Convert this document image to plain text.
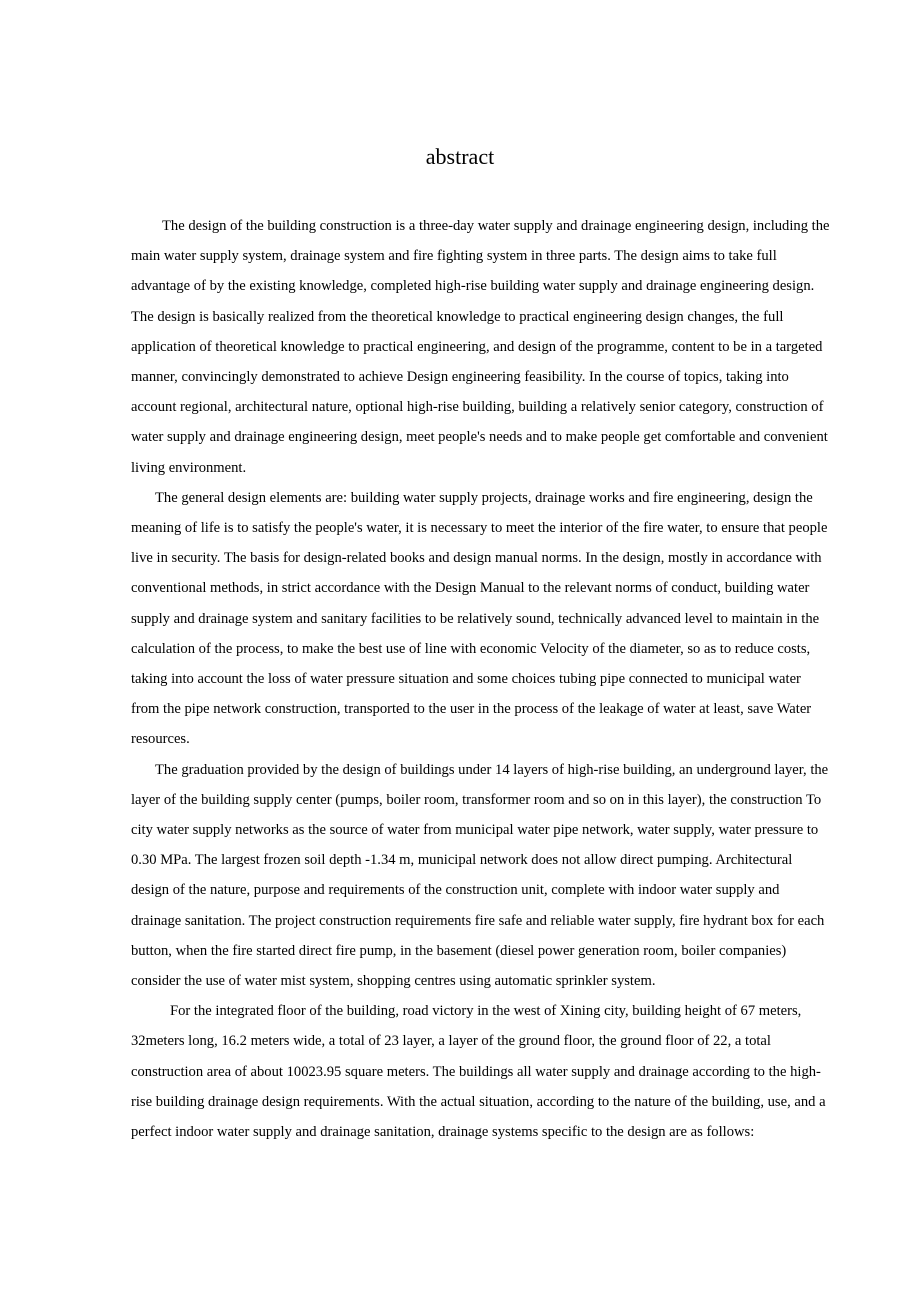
abstract

The design of the building construction is a three-day water supply and drainage engineering design, including the main water supply system, drainage system and fire fighting system in three parts. The design aims to take full advantage of by the existing knowledge, completed high-rise building water supply and drainage engineering design. The design is basically realized from the theoretical knowledge to practical engineering design changes, the full application of theoretical knowledge to practical engineering, and design of the programme, content to be in a targeted manner, convincingly demonstrated to achieve Design engineering feasibility. In the course of topics, taking into account regional, architectural nature, optional high-rise building, building a relatively senior category, construction of water supply and drainage engineering design, meet people's needs and to make people get comfortable and convenient living environment.

The general design elements are: building water supply projects, drainage works and fire engineering, design the meaning of life is to satisfy the people's water, it is necessary to meet the interior of the fire water, to ensure that people live in security. The basis for design-related books and design manual norms. In the design, mostly in accordance with conventional methods, in strict accordance with the Design Manual to the relevant norms of conduct, building water supply and drainage system and sanitary facilities to be relatively sound, technically advanced level to maintain in the calculation of the process, to make the best use of line with economic Velocity of the diameter, so as to reduce costs, taking into account the loss of water pressure situation and some choices tubing pipe connected to municipal water from the pipe network construction, transported to the user in the process of the leakage of water at least, save Water resources.

The graduation provided by the design of buildings under 14 layers of high-rise building, an underground layer, the layer of the building supply center (pumps, boiler room, transformer room and so on in this layer), the construction To city water supply networks as the source of water from municipal water pipe network, water supply, water pressure to 0.30 MPa. The largest frozen soil depth -1.34 m, municipal network does not allow direct pumping. Architectural design of the nature, purpose and requirements of the construction unit, complete with indoor water supply and drainage sanitation. The project construction requirements fire safe and reliable water supply, fire hydrant box for each button, when the fire started direct fire pump, in the basement (diesel power generation room, boiler companies) consider the use of water mist system, shopping centres using automatic sprinkler system.

For the integrated floor of the building, road victory in the west of Xining city, building height of 67 meters, 32meters long, 16.2 meters wide, a total of 23 layer, a layer of the ground floor, the ground floor of 22, a total construction area of about 10023.95 square meters. The buildings all water supply and drainage according to the high-rise building drainage design requirements. With the actual situation, according to the nature of the building, use, and a perfect indoor water supply and drainage sanitation, drainage systems specific to the design are as follows:
